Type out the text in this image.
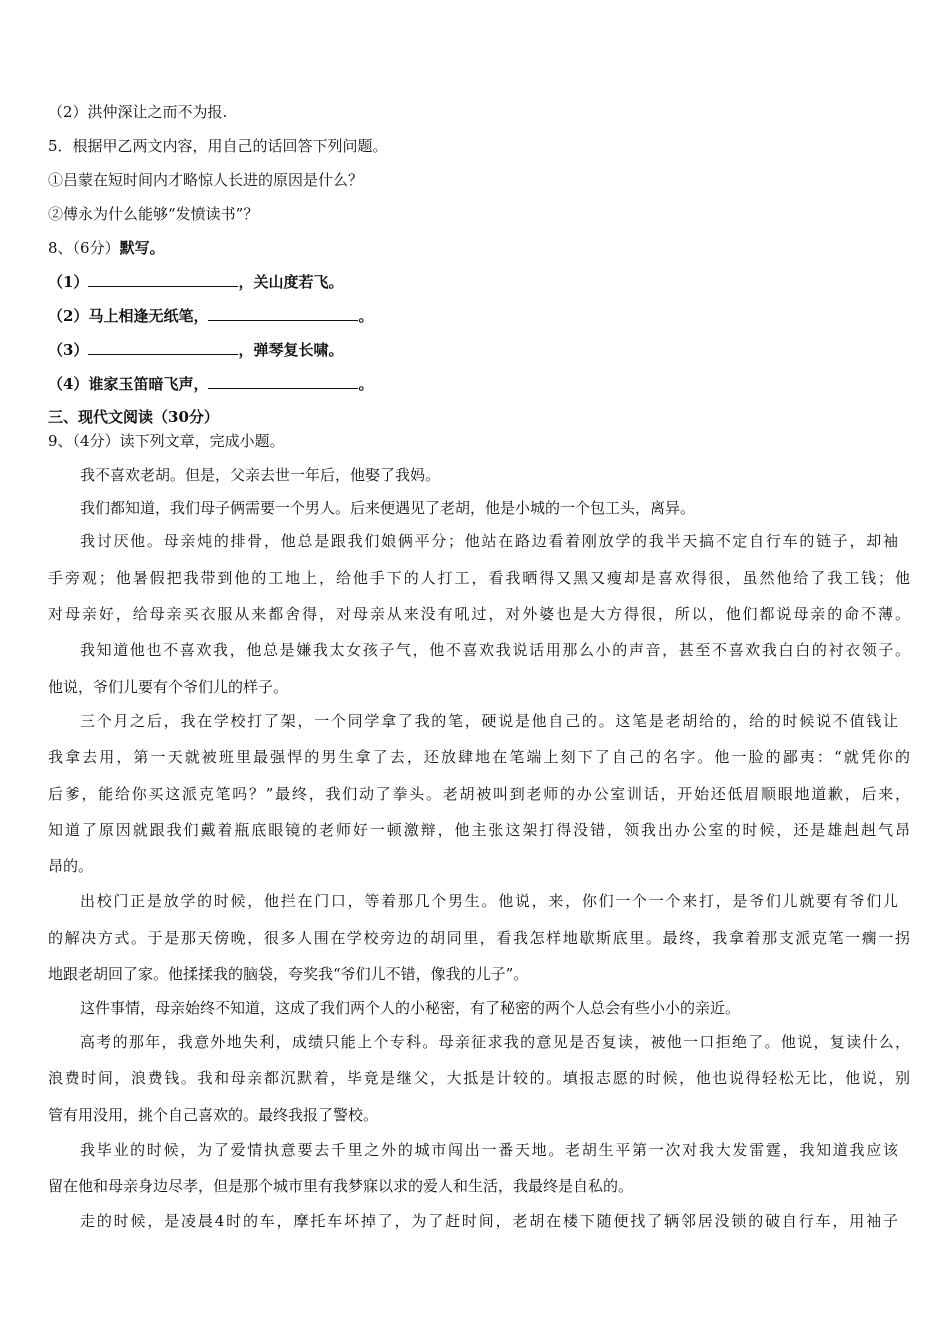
（2）洪仲深让之而不为报.
5．根据甲乙两文内容，用自己的话回答下列问题。
①吕蒙在短时间内才略惊人长进的原因是什么？
②傅永为什么能够“发愤读书”？
8、（6分）默写。
（1）	，关山度若飞。
（2）马上相逢无纸笔，	。
（3）	，弹琴复长啸。
（4）谁家玉笛暗飞声，	。
三、现代文阅读（30分）
9、（4分）读下列文章，完成小题。
我不喜欢老胡。但是，父亲去世一年后，他娶了我妈。
我们都知道，我们母子俩需要一个男人。后来便遇见了老胡，他是小城的一个包工头，离异。
我讨厌他。母亲炖的排骨，他总是跟我们娘俩平分；他站在路边看着刚放学的我半天搞不定自行车的链子，却袖
手旁观；他暑假把我带到他的工地上，给他手下的人打工，看我晒得又黑又瘦却是喜欢得很，虽然他给了我工钱；他
对母亲好，给母亲买衣服从来都舍得，对母亲从来没有吼过，对外婆也是大方得很，所以，他们都说母亲的命不薄。
我知道他也不喜欢我，他总是嫌我太女孩子气，他不喜欢我说话用那么小的声音，甚至不喜欢我白白的衬衣领子。
他说，爷们儿要有个爷们儿的样子。
三个月之后，我在学校打了架，一个同学拿了我的笔，硬说是他自己的。这笔是老胡给的，给的时候说不值钱让
我拿去用，第一天就被班里最强悍的男生拿了去，还放肆地在笔端上刻下了自己的名字。他一脸的鄙夷：“就凭你的
后爹，能给你买这派克笔吗？”最终，我们动了拳头。老胡被叫到老师的办公室训话，开始还低眉顺眼地道歉，后来，
知道了原因就跟我们戴着瓶底眼镜的老师好一顿激辩，他主张这架打得没错，领我出办公室的时候，还是雄赳赳气昂
昂的。
出校门正是放学的时候，他拦在门口，等着那几个男生。他说，来，你们一个一个来打，是爷们儿就要有爷们儿
的解决方式。于是那天傍晚，很多人围在学校旁边的胡同里，看我怎样地歇斯底里。最终，我拿着那支派克笔一瘸一拐
地跟老胡回了家。他揉揉我的脑袋，夸奖我“爷们儿不错，像我的儿子”。
这件事情，母亲始终不知道，这成了我们两个人的小秘密，有了秘密的两个人总会有些小小的亲近。
高考的那年，我意外地失利，成绩只能上个专科。母亲征求我的意见是否复读，被他一口拒绝了。他说，复读什么，
浪费时间，浪费钱。我和母亲都沉默着，毕竟是继父，大抵是计较的。填报志愿的时候，他也说得轻松无比，他说，别
管有用没用，挑个自己喜欢的。最终我报了警校。
我毕业的时候，为了爱情执意要去千里之外的城市闯出一番天地。老胡生平第一次对我大发雷霆，我知道我应该
留在他和母亲身边尽孝，但是那个城市里有我梦寐以求的爱人和生活，我最终是自私的。
走的时候，是凌晨4时的车，摩托车坏掉了，为了赶时间，老胡在楼下随便找了辆邻居没锁的破自行车，用袖子
